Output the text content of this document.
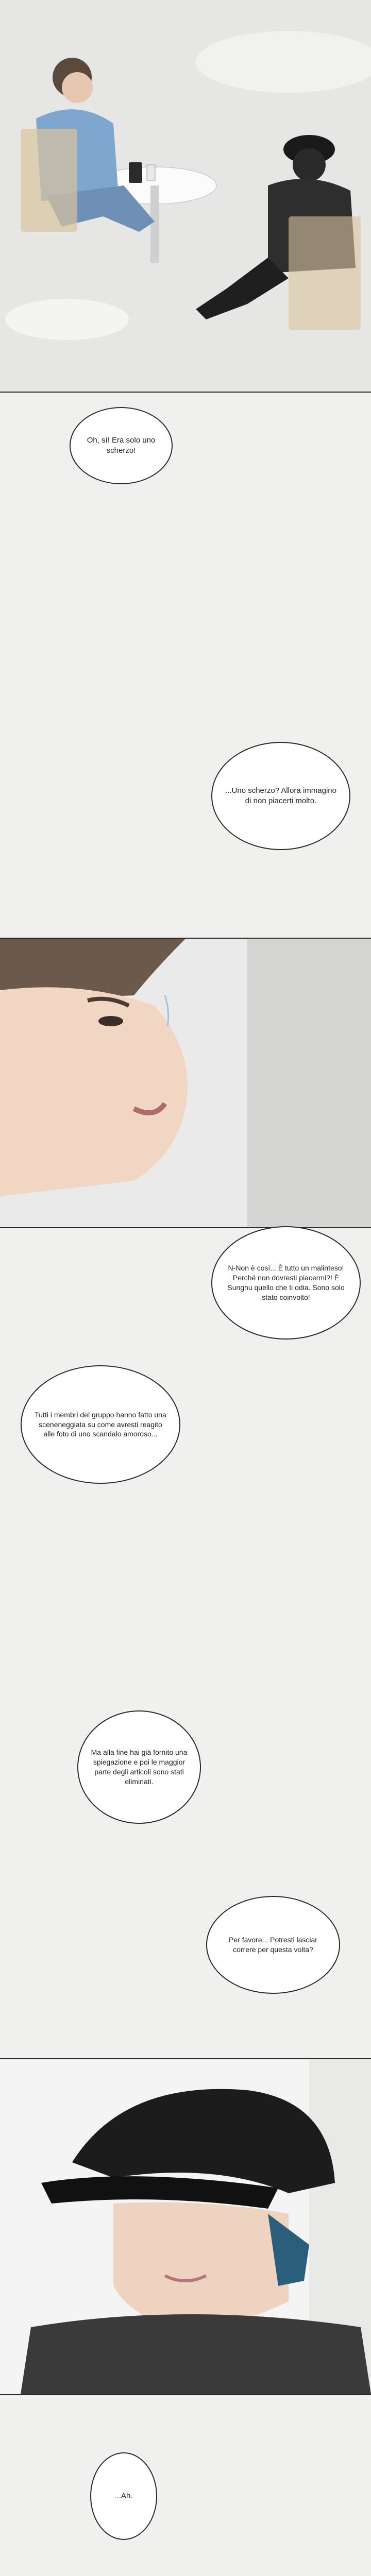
Oh, sì! Era solo uno scherzo!
...Uno scherzo? Allora immagino di non piacerti molto.
N-Non è così... È tutto un malinteso! Perché non dovresti piacermi?! È Sunghu quello che ti odia. Sono solo stato coinvolto!
Tutti i membri del gruppo hanno fatto una sceneneggiata su come avresti reagito alle foto di uno scandalo amoroso...
Ma alla fine hai già fornito una spiegazione e poi le maggior parte degli articoli sono stati eliminati.
Per favore... Potresti lasciar correre per questa volta?
...Ah.
